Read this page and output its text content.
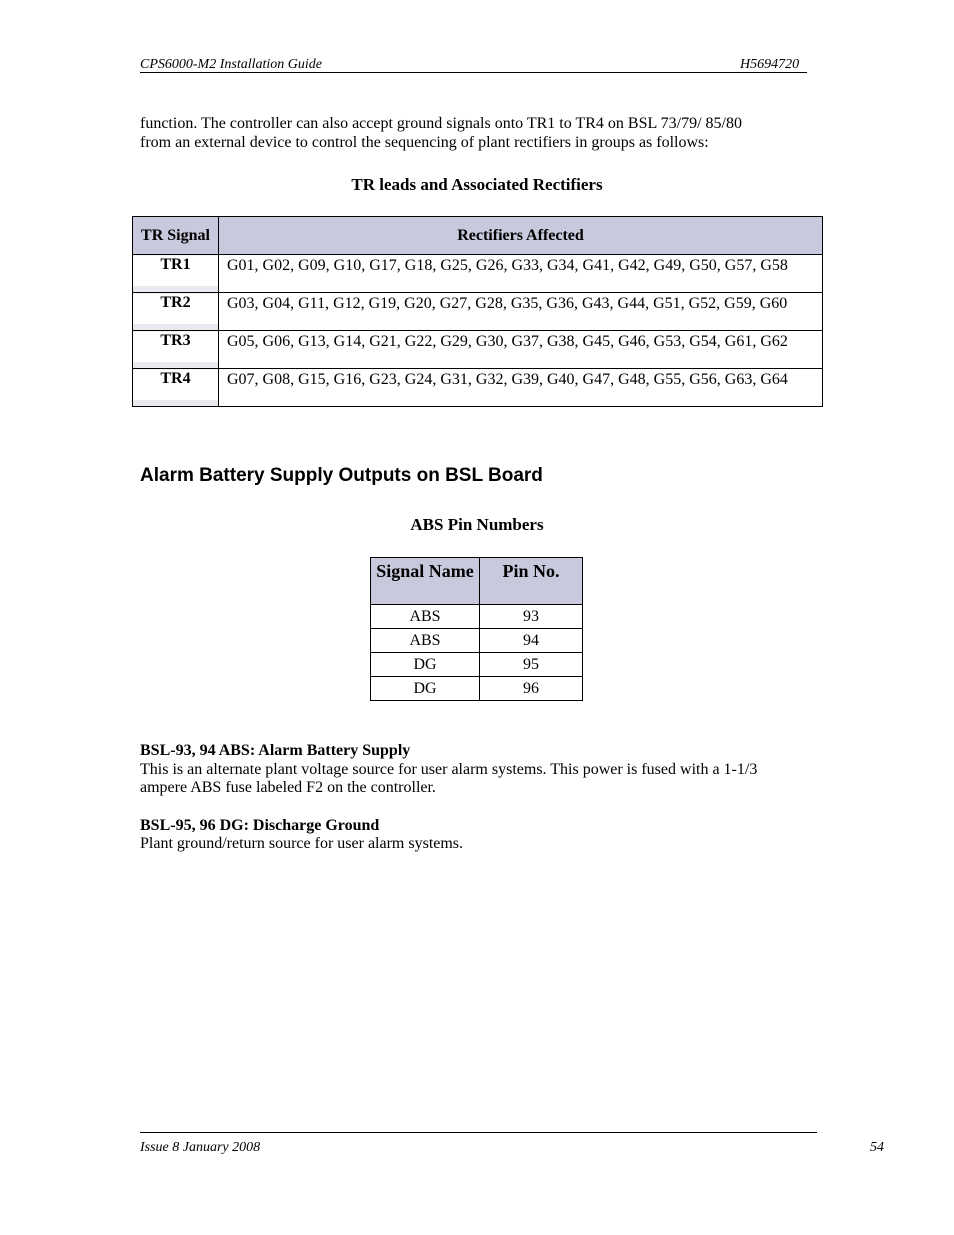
CPS6000-M2 Installation Guide	H5694720
function. The controller can also accept ground signals onto TR1 to TR4 on BSL 73/79/ 85/80
from an external device to control the sequencing of plant rectifiers in groups as follows:
TR leads and Associated Rectifiers
TR Signal	Rectifiers Affected
TR1	G01, G02, G09, G10, G17, G18, G25, G26, G33, G34, G41, G42, G49, G50, G57, G58
TR2	G03, G04, G11, G12, G19, G20, G27, G28, G35, G36, G43, G44, G51, G52, G59, G60
TR3	G05, G06, G13, G14, G21, G22, G29, G30, G37, G38, G45, G46, G53, G54, G61, G62
TR4	G07, G08, G15, G16, G23, G24, G31, G32, G39, G40, G47, G48, G55, G56, G63, G64
Alarm Battery Supply Outputs on BSL Board
ABS Pin Numbers
Signal Name	Pin No.
ABS	93
ABS	94
DG	95
DG	96
BSL-93, 94 ABS: Alarm Battery Supply
This is an alternate plant voltage source for user alarm systems. This power is fused with a 1-1/3
ampere ABS fuse labeled F2 on the controller.
BSL-95, 96 DG: Discharge Ground
Plant ground/return source for user alarm systems.
Issue 8 January 2008	54
